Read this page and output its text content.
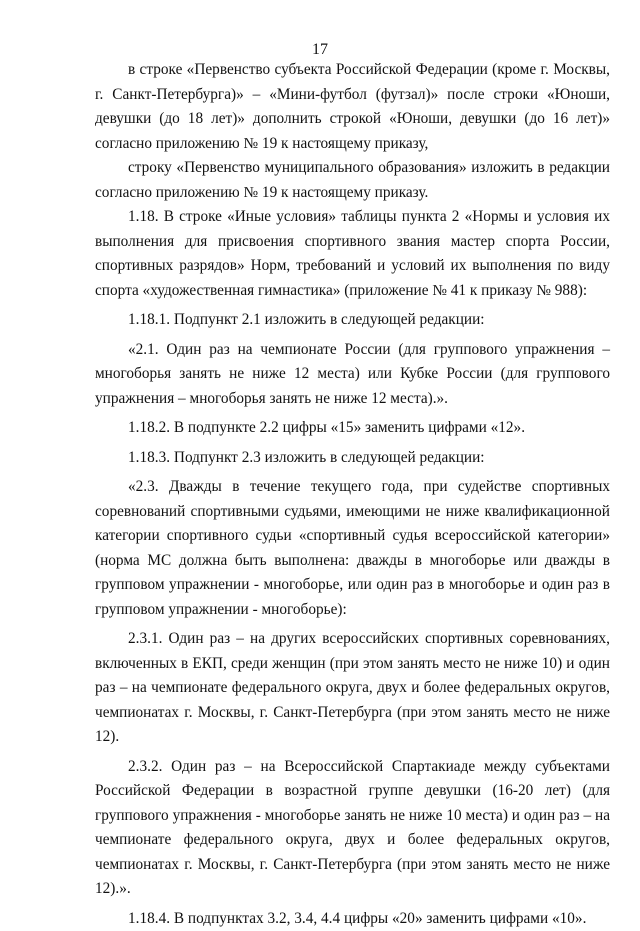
17

в строке «Первенство субъекта Российской Федерации (кроме г. Москвы, г. Санкт-Петербурга)» – «Мини-футбол (футзал)» после строки «Юноши, девушки (до 18 лет)» дополнить строкой «Юноши, девушки (до 16 лет)» согласно приложению № 19 к настоящему приказу,

строку «Первенство муниципального образования» изложить в редакции согласно приложению № 19 к настоящему приказу.

1.18. В строке «Иные условия» таблицы пункта 2 «Нормы и условия их выполнения для присвоения спортивного звания мастер спорта России, спортивных разрядов» Норм, требований и условий их выполнения по виду спорта «художественная гимнастика» (приложение № 41 к приказу № 988):

1.18.1. Подпункт 2.1 изложить в следующей редакции:

«2.1. Один раз на чемпионате России (для группового упражнения – многоборья занять не ниже 12 места) или Кубке России (для группового упражнения – многоборья занять не ниже 12 места).».

1.18.2. В подпункте 2.2 цифры «15» заменить цифрами «12».

1.18.3. Подпункт 2.3 изложить в следующей редакции:

«2.3. Дважды в течение текущего года, при судействе спортивных соревнований спортивными судьями, имеющими не ниже квалификационной категории спортивного судьи «спортивный судья всероссийской категории» (норма МС должна быть выполнена: дважды в многоборье или дважды в групповом упражнении - многоборье, или один раз в многоборье и один раз в групповом упражнении - многоборье):

2.3.1. Один раз – на других всероссийских спортивных соревнованиях, включенных в ЕКП, среди женщин (при этом занять место не ниже 10) и один раз – на чемпионате федерального округа, двух и более федеральных округов, чемпионатах г. Москвы, г. Санкт-Петербурга (при этом занять место не ниже 12).

2.3.2. Один раз – на Всероссийской Спартакиаде между субъектами Российской Федерации в возрастной группе девушки (16-20 лет) (для группового упражнения - многоборье занять не ниже 10 места) и один раз – на чемпионате федерального округа, двух и более федеральных округов, чемпионатах г. Москвы, г. Санкт-Петербурга (при этом занять место не ниже 12).».

1.18.4. В подпунктах 3.2, 3.4, 4.4 цифры «20» заменить цифрами «10».
